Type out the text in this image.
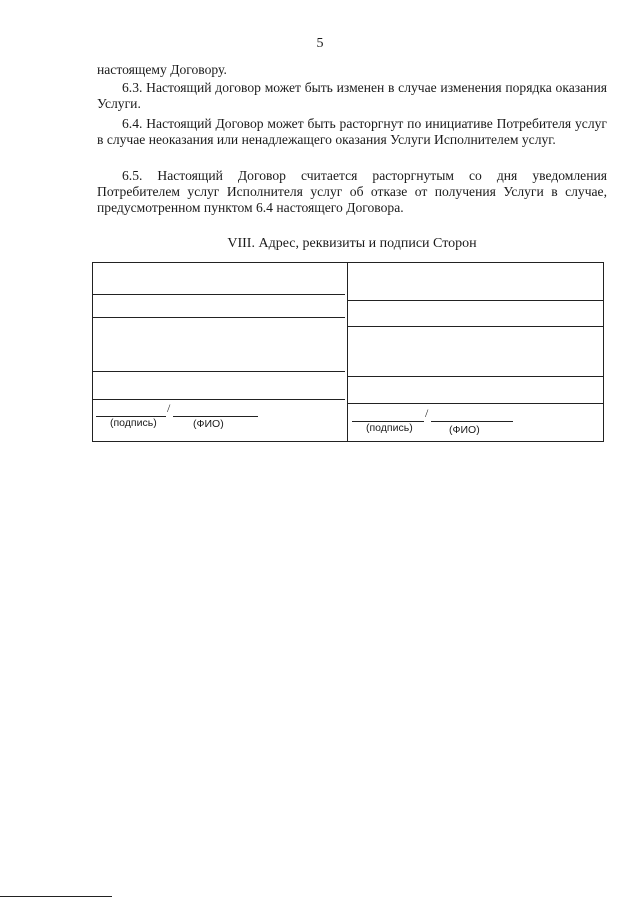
5
настоящему Договору.
6.3. Настоящий договор может быть изменен в случае изменения порядка оказания Услуги.
6.4. Настоящий Договор может быть расторгнут по инициативе Потребителя услуг в случае неоказания или ненадлежащего оказания Услуги Исполнителем услуг.
6.5. Настоящий Договор считается расторгнутым со дня уведомления Потребителем услуг Исполнителя услуг об отказе от получения Услуги в случае, предусмотренном пунктом 6.4 настоящего Договора.
VIII. Адрес, реквизиты и подписи Сторон
/
(подпись)	(ФИО)
/
(подпись)	(ФИО)
